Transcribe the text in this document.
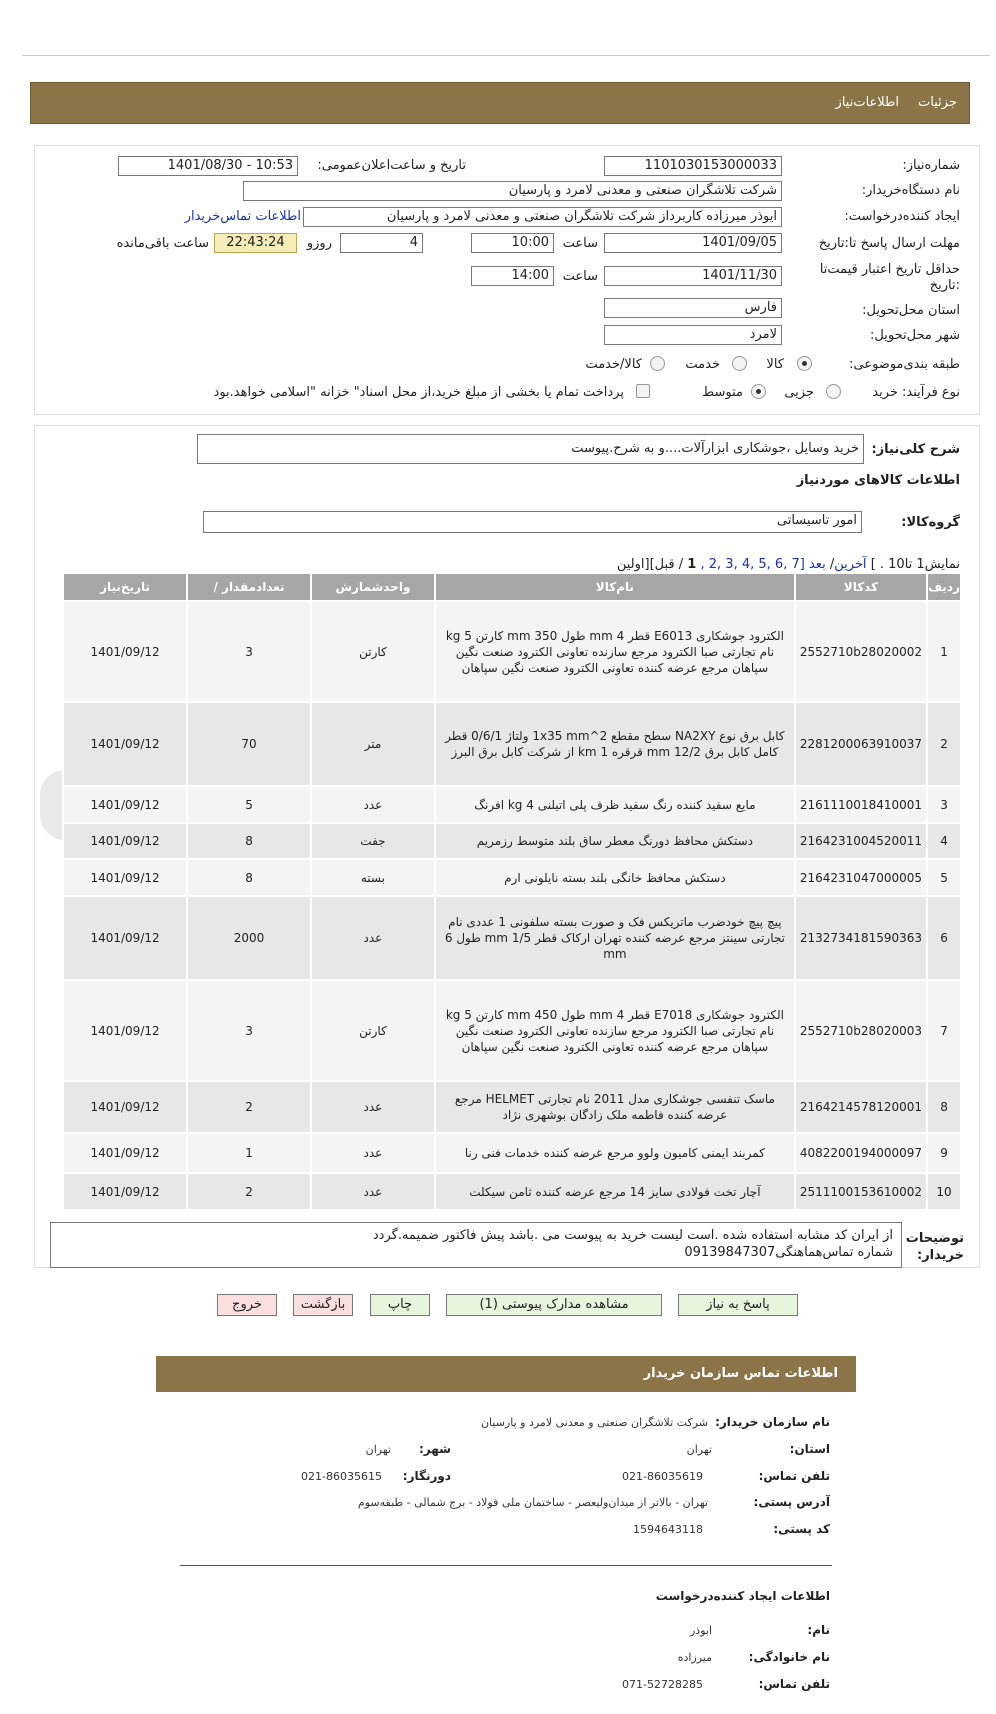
جزئیات
اطلاعات‌نیاز
شماره‌نیاز:
1101030153000033
تاریخ و ساعت‌اعلان‌عمومی:
1401/08/30 - 10:53
نام دستگاه‌خریدار:
شرکت تلاشگران صنعتی و معدنی لامرد و پارسیان
ایجاد کننده‌درخواست:
ایوذر میرزاده کاربرداز شرکت تلاشگران صنعتی و معدنی لامرد و پارسیان
اطلاعات تماس‌خریدار
مهلت ارسال پاسخ تا‌:تاریخ
1401/09/05
ساعت
10:00
4
روزو
22:43:24
ساعت باقی‌مانده
حداقل تاریخ اعتبار قیمت‌تا :تاریخ
1401/11/30
ساعت
14:00
استان محل‌تحویل:
فارس
شهر محل‌تحویل:
لامرد
طبقه بندی‌موضوعی:
کالا
خدمت
کالا/خدمت
نوع فرآیند: خرید
جزیی
متوسط
پرداخت تمام یا بخشی از مبلغ خرید،از محل اسناد" خزانه "اسلامی خواهد.بود
شرح کلی‌نیاز:
خرید وسایل ،جوشکاری ابزارآلات....و به شرح.پیوست
اطلاعات کالاهای موردنیاز
گروه‌کالا:
امور تاسیساتی
نمایش1 تا10 . ] آخرین/ بعد [7 ,6 ,5 ,4 ,3 ,2 , 1 / قبل][اولین
ردیف	کدکالا	نام‌کالا	واحدشمارش	تعداد‌مقدار /	تاریخ‌نیاز
1	2552710b28020002	الکترود جوشکاری E6013 قطر 4 mm طول 350 mm کارتن 5 kg نام تجارتی صبا الکترود مرجع سازنده تعاونی الکترود صنعت نگین سپاهان مرجع عرضه کننده تعاونی الکترود صنعت نگین سپاهان	کارتن	3	1401/09/12
2	2281200063910037	کابل برق نوع NA2XY سطح مقطع 1x35 mm^2 ولتاژ 0/6/1 قطر کامل کابل برق 12/2 mm قرقره 1 km از شرکت کابل برق البرز	متر	70	1401/09/12
3	2161110018410001	مایع سفید کننده رنگ سفید ظرف پلی اتیلنی 4 kg افرنگ	عدد	5	1401/09/12
4	2164231004520011	دستکش محافظ دورنگ معطر ساق بلند متوسط رزمریم	جفت	8	1401/09/12
5	2164231047000005	دستکش محافظ خانگی بلند بسته نایلونی ارم	بسته	8	1401/09/12
6	2132734181590363	پیچ پیچ خودضرب ماتریکس فک و صورت بسته سلفونی 1 عددی نام تجارتی سینتز مرجع عرضه کننده تهران ارکاک قطر 1/5 mm طول 6 mm	عدد	2000	1401/09/12
7	2552710b28020003	الکترود جوشکاری E7018 قطر 4 mm طول 450 mm کارتن 5 kg نام تجارتی صبا الکترود مرجع سازنده تعاونی الکترود صنعت نگین سپاهان مرجع عرضه کننده تعاونی الکترود صنعت نگین سپاهان	کارتن	3	1401/09/12
8	2164214578120001	ماسک تنفسی جوشکاری مدل 2011 نام تجارتی HELMET مرجع عرضه کننده فاطمه ملک زادگان بوشهری نژاد	عدد	2	1401/09/12
9	4082200194000097	کمربند ایمنی کامیون ولوو مرجع عرضه کننده خدمات فنی رنا	عدد	1	1401/09/12
10	2511100153610002	آچار تخت فولادی سایز 14 مرجع عرضه کننده ثامن سیکلت	عدد	2	1401/09/12
توضیحات خریدار:
از ایران کد مشابه استفاده شده .است لیست خرید به پیوست می .باشد پیش فاکتور ضمیمه.گردد
شماره تماس‌هماهنگی09139847307
پاسخ به نیاز
مشاهده مدارک پیوستی (1)
چاپ
بازگشت
خروج
اطلاعات تماس سازمان خریدار
نام سازمان خریدار:
شرکت تلاشگران صنعتی و معدنی لامرد و پارسیان
استان:
تهران
شهر:
تهران
تلفن تماس:
021-86035619
دورنگار:
021-86035615
آدرس پستی:
تهران - بالاتر از میدان‌ولیعصر - ساختمان ملی فولاد - برج شمالی - طبقه‌سوم
کد پستی:
1594643118
اطلاعات ایجاد کننده‌درخواست
نام:
ابوذر
نام خانوادگی:
میرزاده
تلفن تماس:
071-52728285
